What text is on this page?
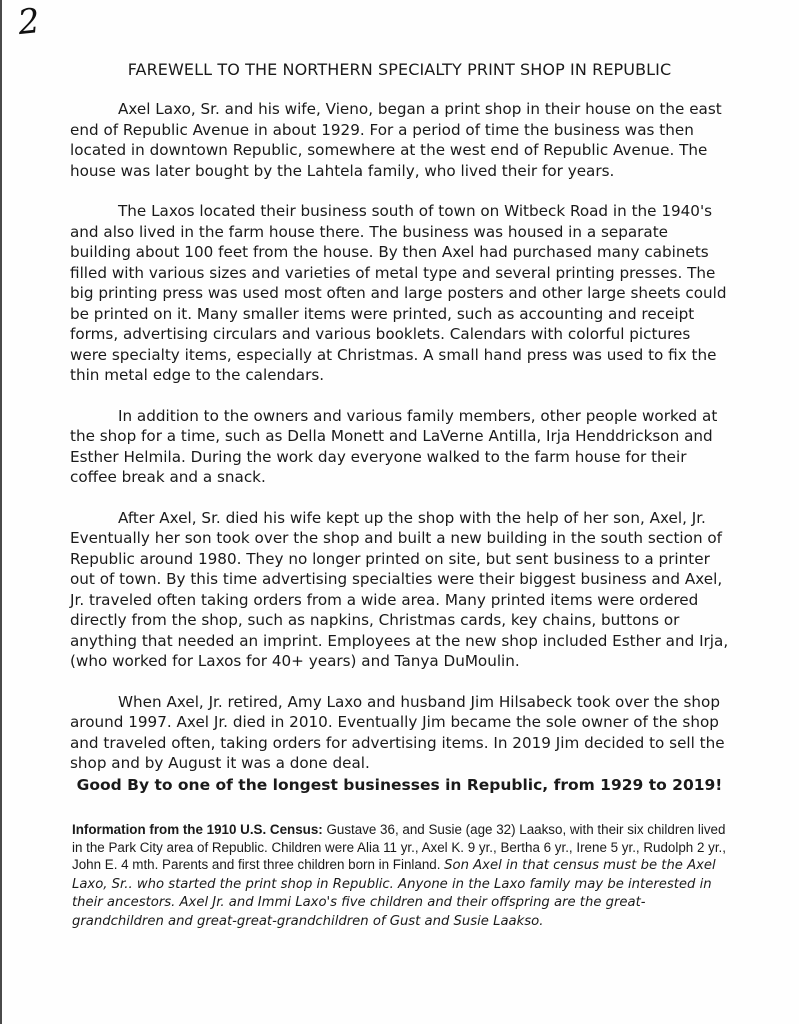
2
FAREWELL TO THE NORTHERN SPECIALTY PRINT SHOP IN REPUBLIC

Axel Laxo, Sr. and his wife, Vieno, began a print shop in their house on the east end of Republic Avenue in about 1929. For a period of time the business was then located in downtown Republic, somewhere at the west end of Republic Avenue. The house was later bought by the Lahtela family, who lived their for years.

The Laxos located their business south of town on Witbeck Road in the 1940's and also lived in the farm house there. The business was housed in a separate building about 100 feet from the house. By then Axel had purchased many cabinets filled with various sizes and varieties of metal type and several printing presses. The big printing press was used most often and large posters and other large sheets could be printed on it. Many smaller items were printed, such as accounting and receipt forms, advertising circulars and various booklets. Calendars with colorful pictures were specialty items, especially at Christmas. A small hand press was used to fix the thin metal edge to the calendars.

In addition to the owners and various family members, other people worked at the shop for a time, such as Della Monett and LaVerne Antilla, Irja Henddrickson and Esther Helmila. During the work day everyone walked to the farm house for their coffee break and a snack.

After Axel, Sr. died his wife kept up the shop with the help of her son, Axel, Jr. Eventually her son took over the shop and built a new building in the south section of Republic around 1980. They no longer printed on site, but sent business to a printer out of town. By this time advertising specialties were their biggest business and Axel, Jr. traveled often taking orders from a wide area. Many printed items were ordered directly from the shop, such as napkins, Christmas cards, key chains, buttons or anything that needed an imprint. Employees at the new shop included Esther and Irja, (who worked for Laxos for 40+ years) and Tanya DuMoulin.

When Axel, Jr. retired, Amy Laxo and husband Jim Hilsabeck took over the shop around 1997. Axel Jr. died in 2010. Eventually Jim became the sole owner of the shop and traveled often, taking orders for advertising items. In 2019 Jim decided to sell the shop and by August it was a done deal.

Good By to one of the longest businesses in Republic, from 1929 to 2019!
Information from the 1910 U.S. Census: Gustave 36, and Susie (age 32) Laakso, with their six children lived in the Park City area of Republic. Children were Alia 11 yr., Axel K. 9 yr., Bertha 6 yr., Irene 5 yr., Rudolph 2 yr., John E. 4 mth. Parents and first three children born in Finland. Son Axel in that census must be the Axel Laxo, Sr.. who started the print shop in Republic. Anyone in the Laxo family may be interested in their ancestors. Axel Jr. and Immi Laxo's five children and their offspring are the great-grandchildren and great-great-grandchildren of Gust and Susie Laakso.
